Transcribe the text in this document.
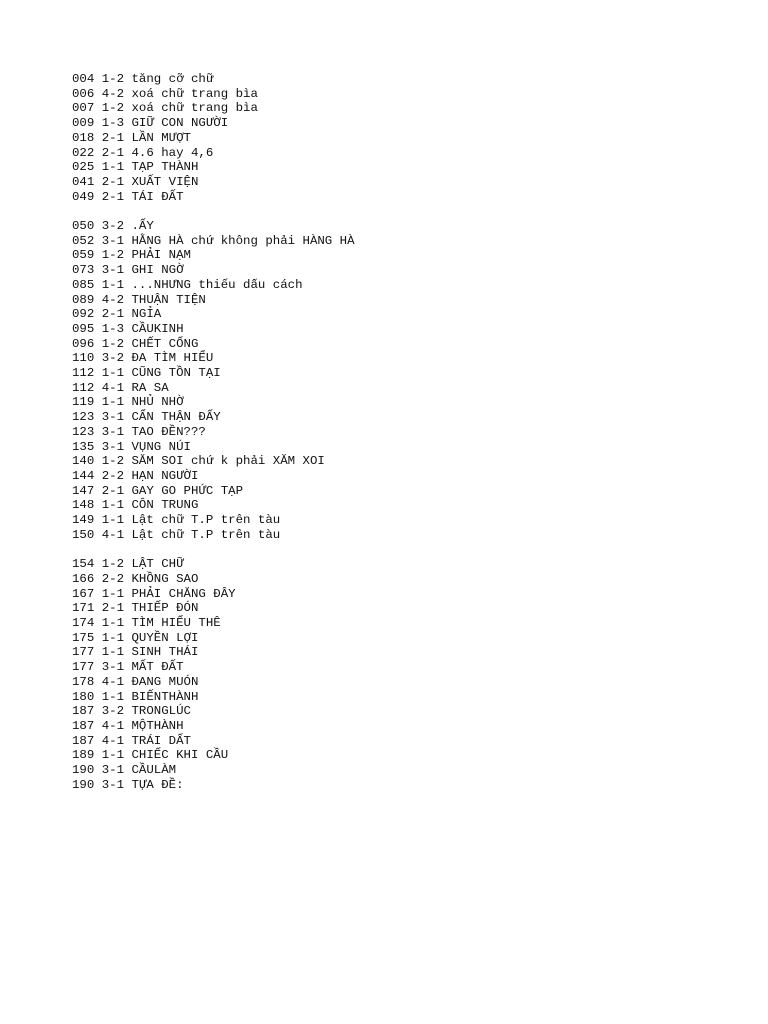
004 1-2 tăng cỡ chữ
006 4-2 xoá chữ trang bìa
007 1-2 xoá chữ trang bìa
009 1-3 GIỮ CON NGƯỜI
018 2-1 LẦN MƯỢT
022 2-1 4.6 hay 4,6
025 1-1 TẠP THÀNH
041 2-1 XUẤT VIỆN
049 2-1 TÁI ĐẤT
050 3-2 .ẤY
052 3-1 HẰNG HÀ chứ không phải HÀNG HÀ
059 1-2 PHẢI NẠM
073 3-1 GHI NGỜ
085 1-1 ...NHƯNG thiếu dấu cách
089 4-2 THUẬN TIỆN
092 2-1 NGỈA
095 1-3 CẦUKINH
096 1-2 CHẾT CỐNG
110 3-2 ĐA TÌM HIỂU
112 1-1 CŨNG TỒN TẠI
112 4-1 RA SA
119 1-1 NHỦ NHỜ
123 3-1 CẨN THẬN ĐẤY
123 3-1 TAO ĐỀN???
135 3-1 VỤNG NÚI
140 1-2 SĂM SOI chứ k phải XĂM XOI
144 2-2 HẠN NGƯỜI
147 2-1 GAY GO PHỨC TẠP
148 1-1 CÔN TRUNG
149 1-1 Lật chữ T.P trên tàu
150 4-1 Lật chữ T.P trên tàu
154 1-2 LẬT CHỮ
166 2-2 KHỒNG SAO
167 1-1 PHẢI CHĂNG ĐÂY
171 2-1 THIẾP ĐÓN
174 1-1 TÌM HIỂU THÊ
175 1-1 QUYỀN LỢI
177 1-1 SINH THÁI
177 3-1 MẤT ĐẤT
178 4-1 ĐANG MUÓN
180 1-1 BIẾNTHÀNH
187 3-2 TRONGLÚC
187 4-1 MỘTHÀNH
187 4-1 TRÁI DẤT
189 1-1 CHIẾC KHI CẦU
190 3-1 CẦULÀM
190 3-1 TỰA ĐỀ:
